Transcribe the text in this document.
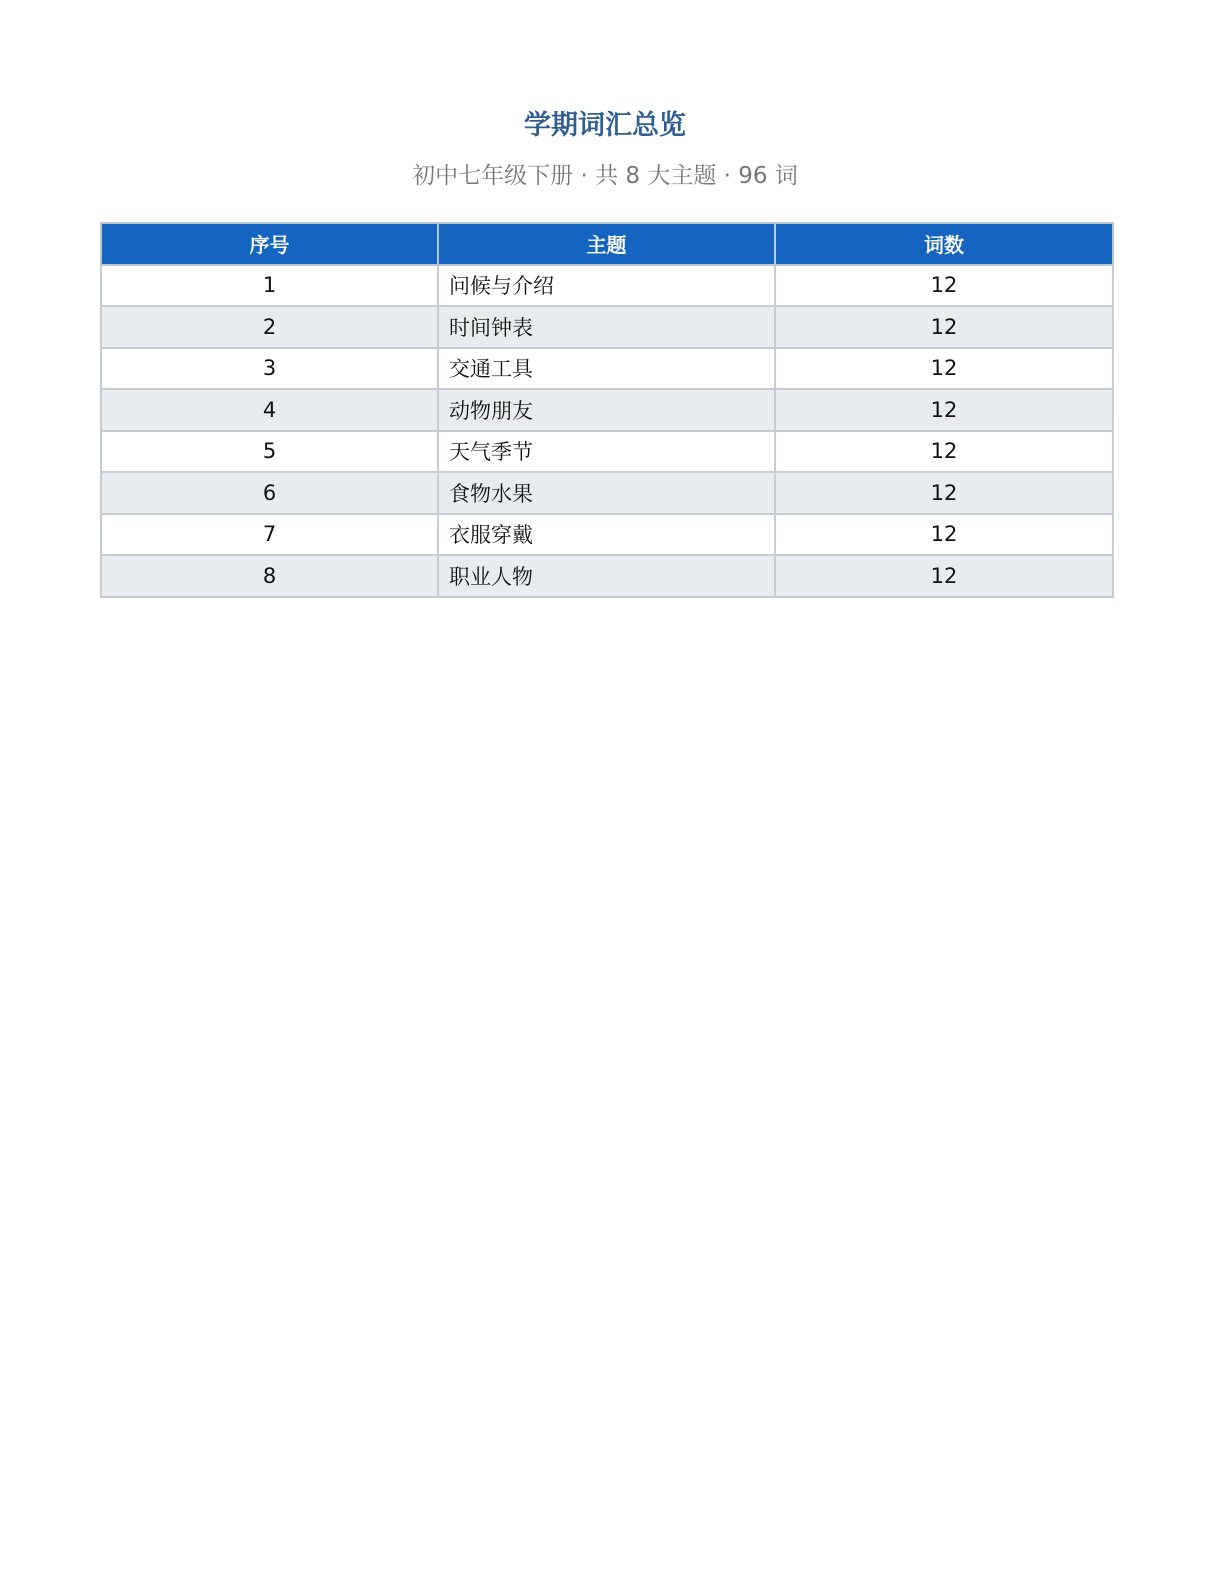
学期词汇总览
初中七年级下册 · 共 8 大主题 · 96 词
序号	主题	词数
1	问候与介绍	12
2	时间钟表	12
3	交通工具	12
4	动物朋友	12
5	天气季节	12
6	食物水果	12
7	衣服穿戴	12
8	职业人物	12
